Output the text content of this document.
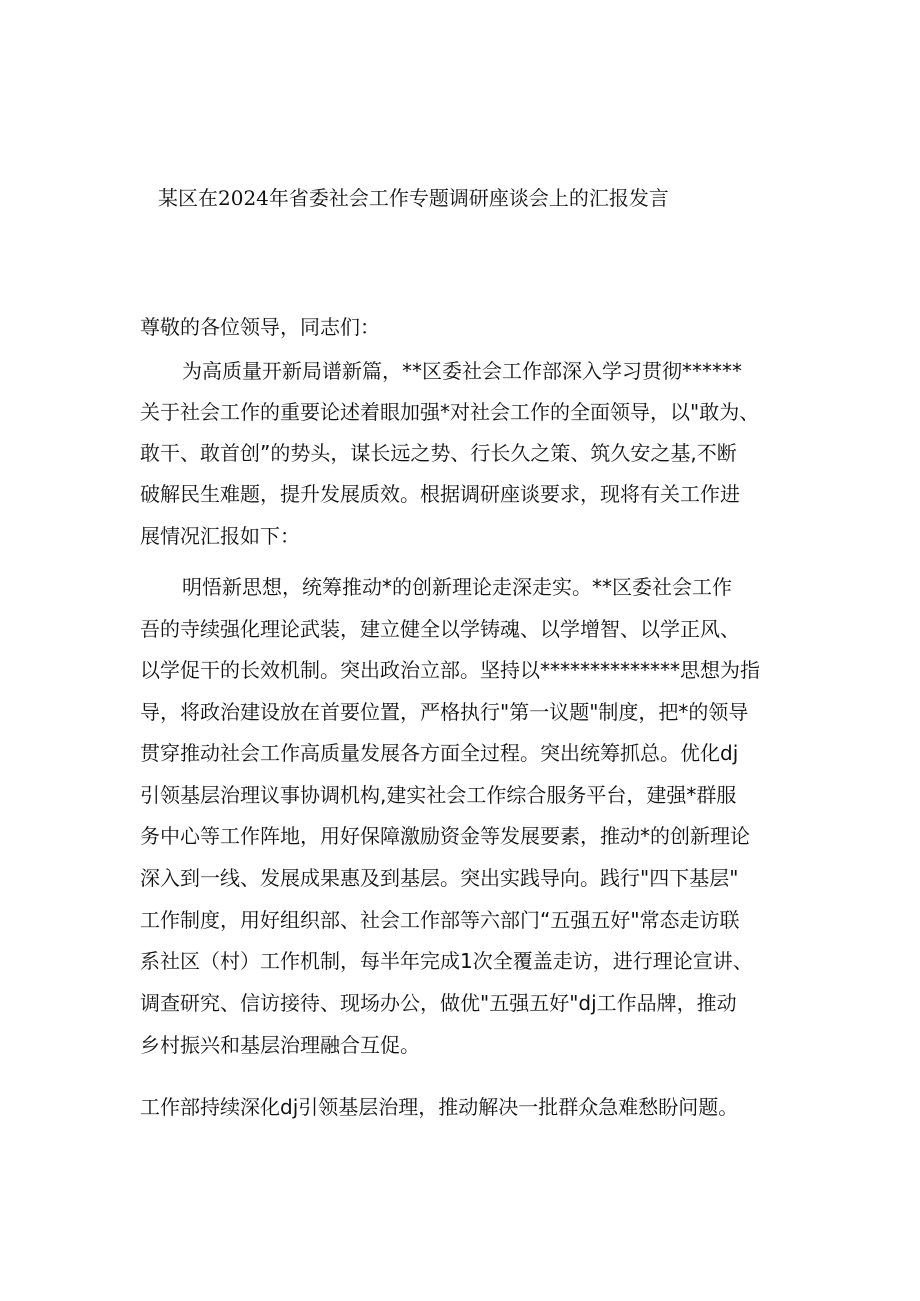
某区在2024年省委社会工作专题调研座谈会上的汇报发言
尊敬的各位领导，同志们：
为高质量开新局谱新篇，**区委社会工作部深入学习贯彻******
关于社会工作的重要论述着眼加强*对社会工作的全面领导，以"敢为、
敢干、敢首创”的势头，谋长远之势、行长久之策、筑久安之基,不断
破解民生难题，提升发展质效。根据调研座谈要求，现将有关工作进
展情况汇报如下：
明悟新思想，统筹推动*的创新理论走深走实。**区委社会工作
吾的寺续强化理论武装，建立健全以学铸魂、以学增智、以学正风、
以学促干的长效机制。突出政治立部。坚持以**************思想为指
导，将政治建设放在首要位置，严格执行"第一议题"制度，把*的领导
贯穿推动社会工作高质量发展各方面全过程。突出统筹抓总。优化dj
引领基层治理议事协调机构,建实社会工作综合服务平台，建强*群服
务中心等工作阵地，用好保障激励资金等发展要素，推动*的创新理论
深入到一线、发展成果惠及到基层。突出实践导向。践行"四下基层"
工作制度，用好组织部、社会工作部等六部门“五强五好"常态走访联
系社区（村）工作机制，每半年完成1次全覆盖走访，进行理论宣讲、
调查研究、信访接待、现场办公，做优"五强五好"dj工作品牌，推动
乡村振兴和基层治理融合互促。
工作部持续深化dj引领基层治理，推动解决一批群众急难愁盼问题。
